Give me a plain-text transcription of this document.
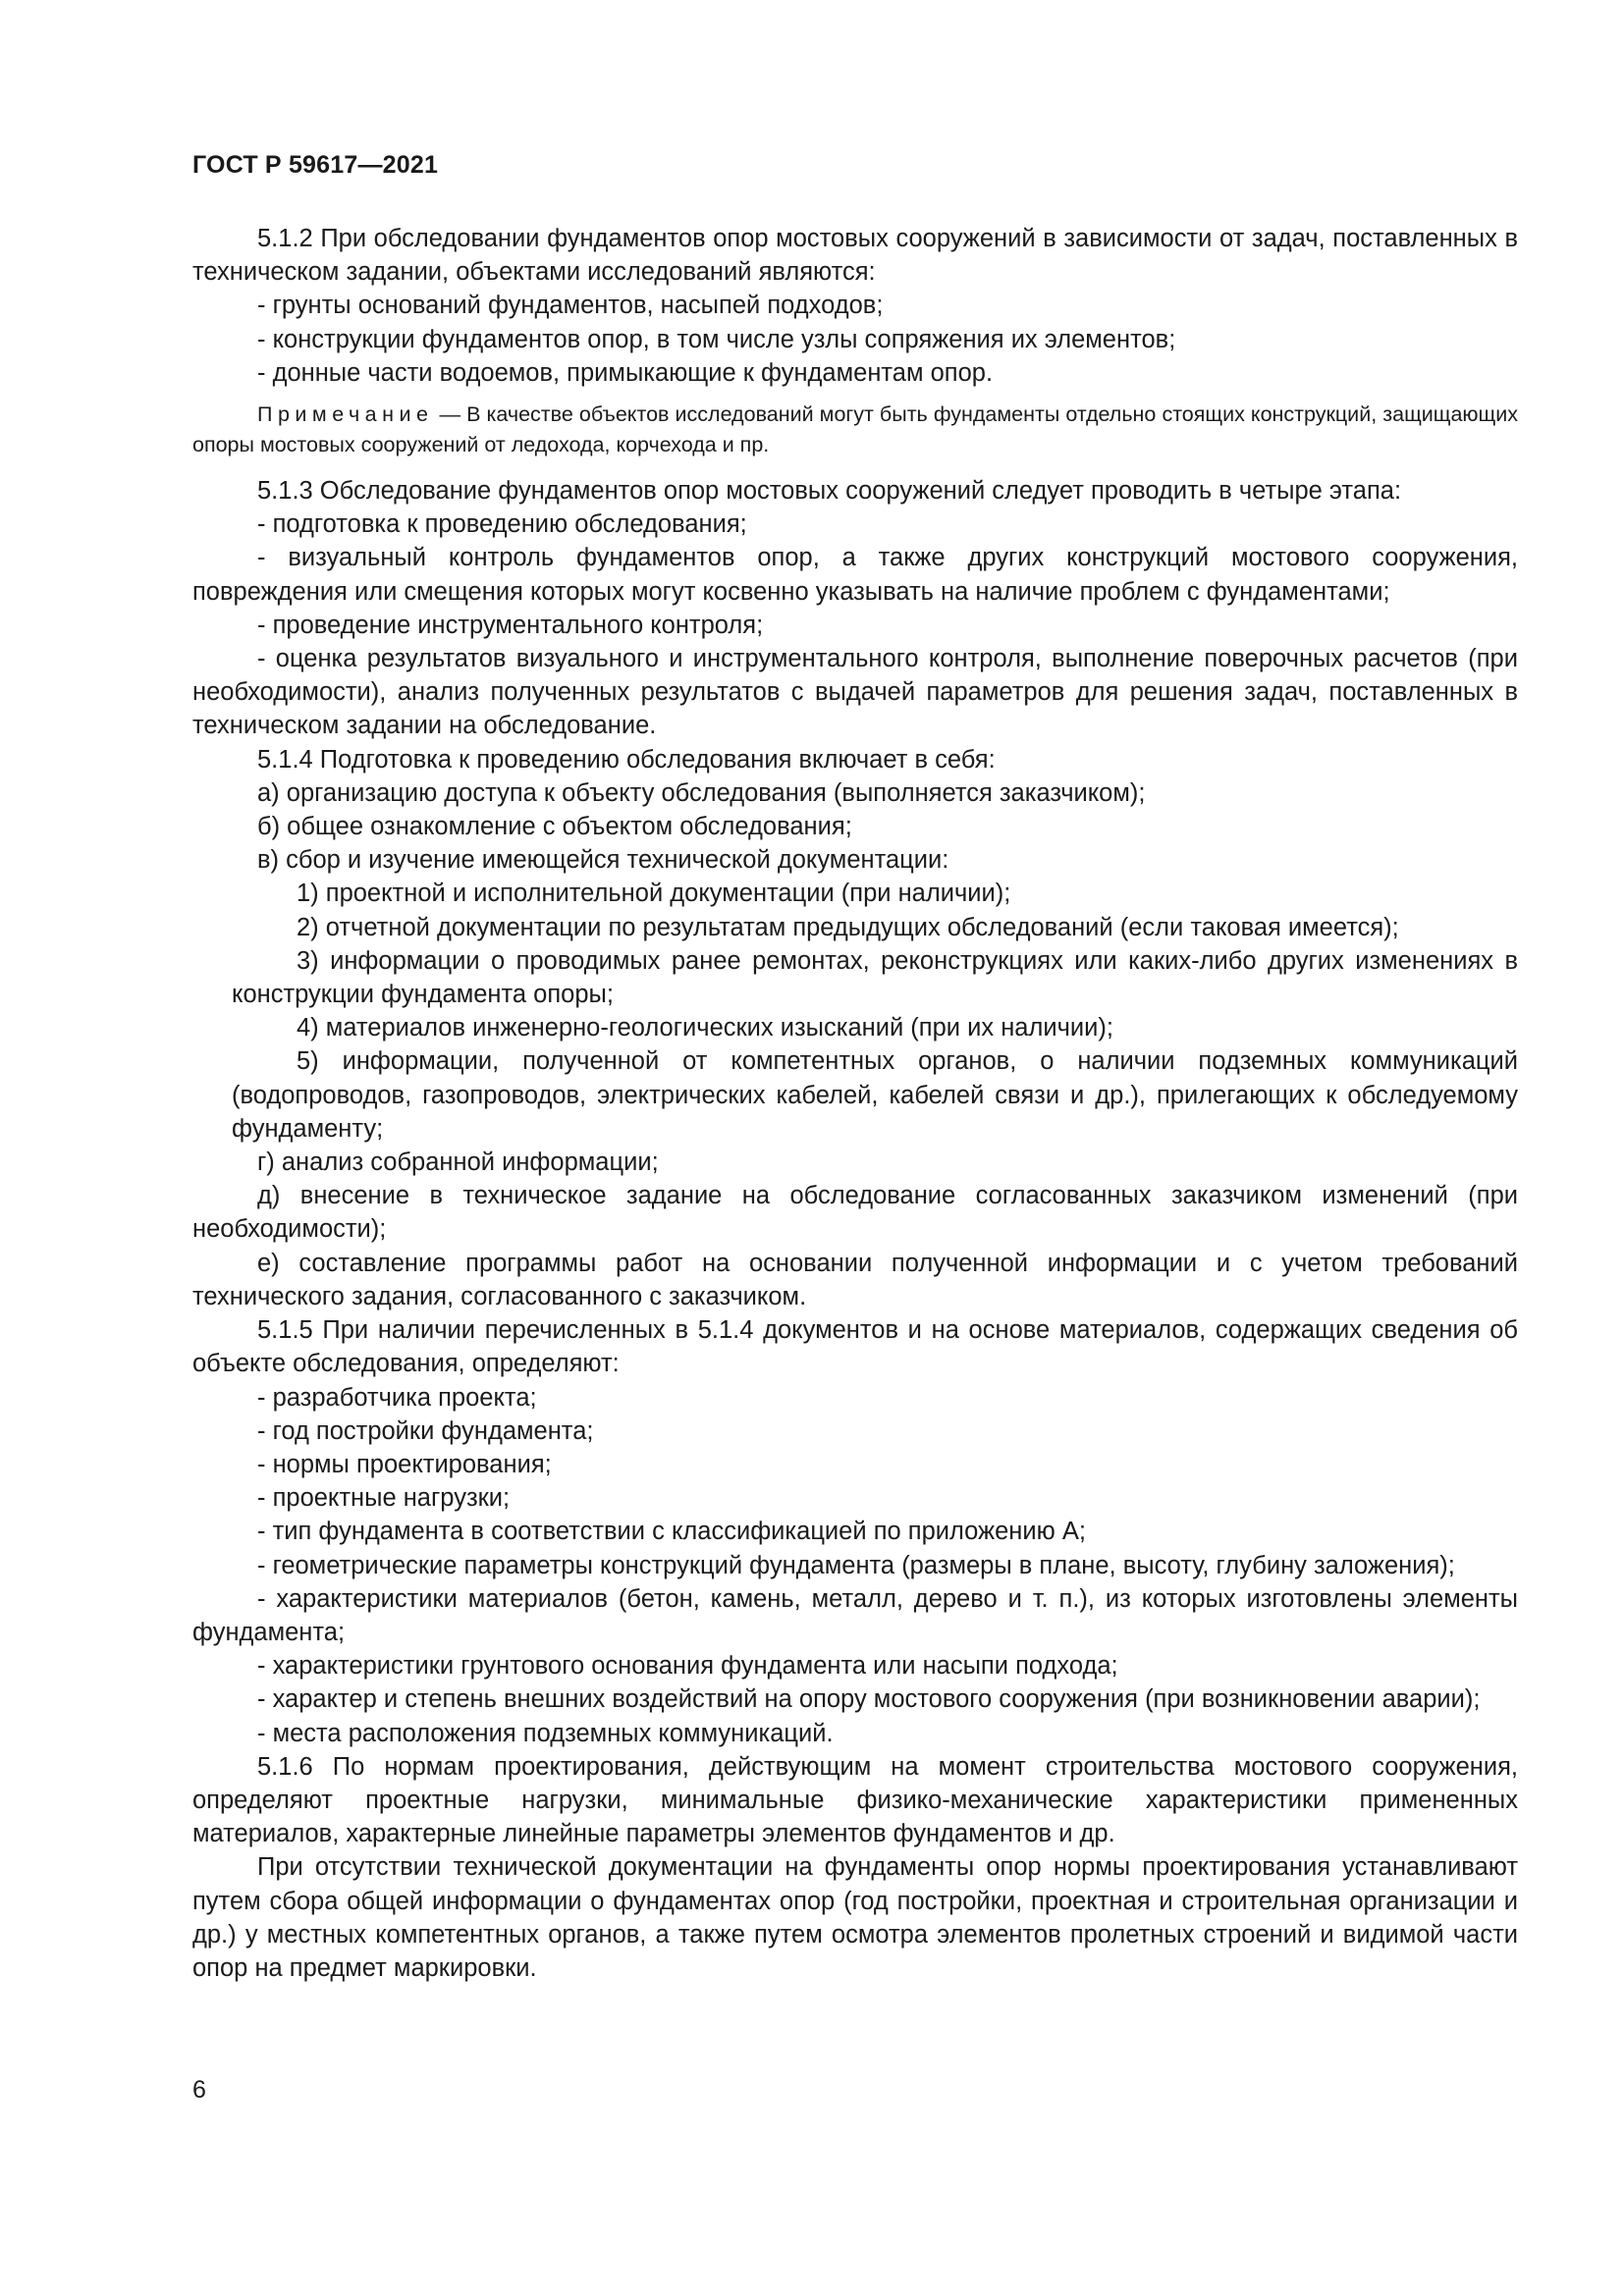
ГОСТ Р 59617—2021

5.1.2 При обследовании фундаментов опор мостовых сооружений в зависимости от задач, поставленных в техническом задании, объектами исследований являются:

- грунты оснований фундаментов, насыпей подходов;

- конструкции фундаментов опор, в том числе узлы сопряжения их элементов;

- донные части водоемов, примыкающие к фундаментам опор.

Примечание — В качестве объектов исследований могут быть фундаменты отдельно стоящих конструкций, защищающих опоры мостовых сооружений от ледохода, корчехода и пр.

5.1.3 Обследование фундаментов опор мостовых сооружений следует проводить в четыре этапа:

- подготовка к проведению обследования;

- визуальный контроль фундаментов опор, а также других конструкций мостового сооружения, повреждения или смещения которых могут косвенно указывать на наличие проблем с фундаментами;

- проведение инструментального контроля;

- оценка результатов визуального и инструментального контроля, выполнение поверочных расчетов (при необходимости), анализ полученных результатов с выдачей параметров для решения задач, поставленных в техническом задании на обследование.

5.1.4 Подготовка к проведению обследования включает в себя:

а) организацию доступа к объекту обследования (выполняется заказчиком);

б) общее ознакомление с объектом обследования;

в) сбор и изучение имеющейся технической документации:

1) проектной и исполнительной документации (при наличии);

2) отчетной документации по результатам предыдущих обследований (если таковая имеется);

3) информации о проводимых ранее ремонтах, реконструкциях или каких-либо других изменениях в конструкции фундамента опоры;

4) материалов инженерно-геологических изысканий (при их наличии);

5) информации, полученной от компетентных органов, о наличии подземных коммуникаций (водопроводов, газопроводов, электрических кабелей, кабелей связи и др.), прилегающих к обследуемому фундаменту;

г) анализ собранной информации;

д) внесение в техническое задание на обследование согласованных заказчиком изменений (при необходимости);

е) составление программы работ на основании полученной информации и с учетом требований технического задания, согласованного с заказчиком.

5.1.5 При наличии перечисленных в 5.1.4 документов и на основе материалов, содержащих сведения об объекте обследования, определяют:

- разработчика проекта;

- год постройки фундамента;

- нормы проектирования;

- проектные нагрузки;

- тип фундамента в соответствии с классификацией по приложению А;

- геометрические параметры конструкций фундамента (размеры в плане, высоту, глубину заложения);

- характеристики материалов (бетон, камень, металл, дерево и т. п.), из которых изготовлены элементы фундамента;

- характеристики грунтового основания фундамента или насыпи подхода;

- характер и степень внешних воздействий на опору мостового сооружения (при возникновении аварии);

- места расположения подземных коммуникаций.

5.1.6 По нормам проектирования, действующим на момент строительства мостового сооружения, определяют проектные нагрузки, минимальные физико-механические характеристики примененных материалов, характерные линейные параметры элементов фундаментов и др.

При отсутствии технической документации на фундаменты опор нормы проектирования устанавливают путем сбора общей информации о фундаментах опор (год постройки, проектная и строительная организации и др.) у местных компетентных органов, а также путем осмотра элементов пролетных строений и видимой части опор на предмет маркировки.

6
